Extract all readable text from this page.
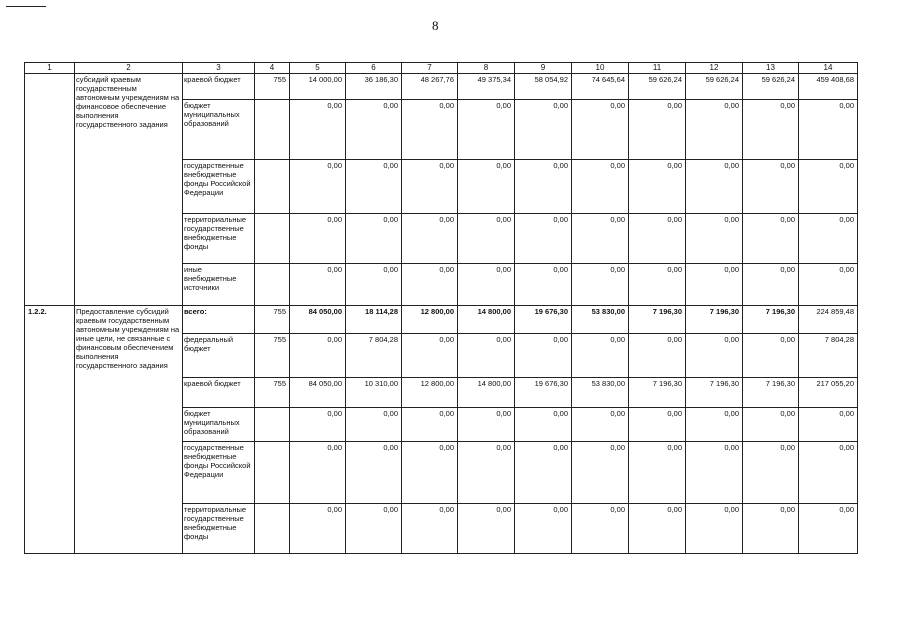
8
1	2	3	4	5	6	7	8	9	10	11	12	13	14
	субсидий краевым государственным автономным учреждениям на финансовое обеспечение выполнения государственного задания	краевой бюджет	755	14 000,00	36 186,30	48 267,76	49 375,34	58 054,92	74 645,64	59 626,24	59 626,24	59 626,24	459 408,68
		бюджет муниципальных образований		0,00	0,00	0,00	0,00	0,00	0,00	0,00	0,00	0,00	0,00
		государственные внебюджетные фонды Российской Федерации		0,00	0,00	0,00	0,00	0,00	0,00	0,00	0,00	0,00	0,00
		территориальные государственные внебюджетные фонды		0,00	0,00	0,00	0,00	0,00	0,00	0,00	0,00	0,00	0,00
		иные внебюджетные источники		0,00	0,00	0,00	0,00	0,00	0,00	0,00	0,00	0,00	0,00
1.2.2.	Предоставление субсидий краевым государственным автономным учреждениям на иные цели, не связанные с финансовым обеспечением выполнения государственного задания	всего:	755	84 050,00	18 114,28	12 800,00	14 800,00	19 676,30	53 830,00	7 196,30	7 196,30	7 196,30	224 859,48
		федеральный бюджет	755	0,00	7 804,28	0,00	0,00	0,00	0,00	0,00	0,00	0,00	7 804,28
		краевой бюджет	755	84 050,00	10 310,00	12 800,00	14 800,00	19 676,30	53 830,00	7 196,30	7 196,30	7 196,30	217 055,20
		бюджет муниципальных образований		0,00	0,00	0,00	0,00	0,00	0,00	0,00	0,00	0,00	0,00
		государственные внебюджетные фонды Российской Федерации		0,00	0,00	0,00	0,00	0,00	0,00	0,00	0,00	0,00	0,00
		территориальные государственные внебюджетные фонды		0,00	0,00	0,00	0,00	0,00	0,00	0,00	0,00	0,00	0,00
